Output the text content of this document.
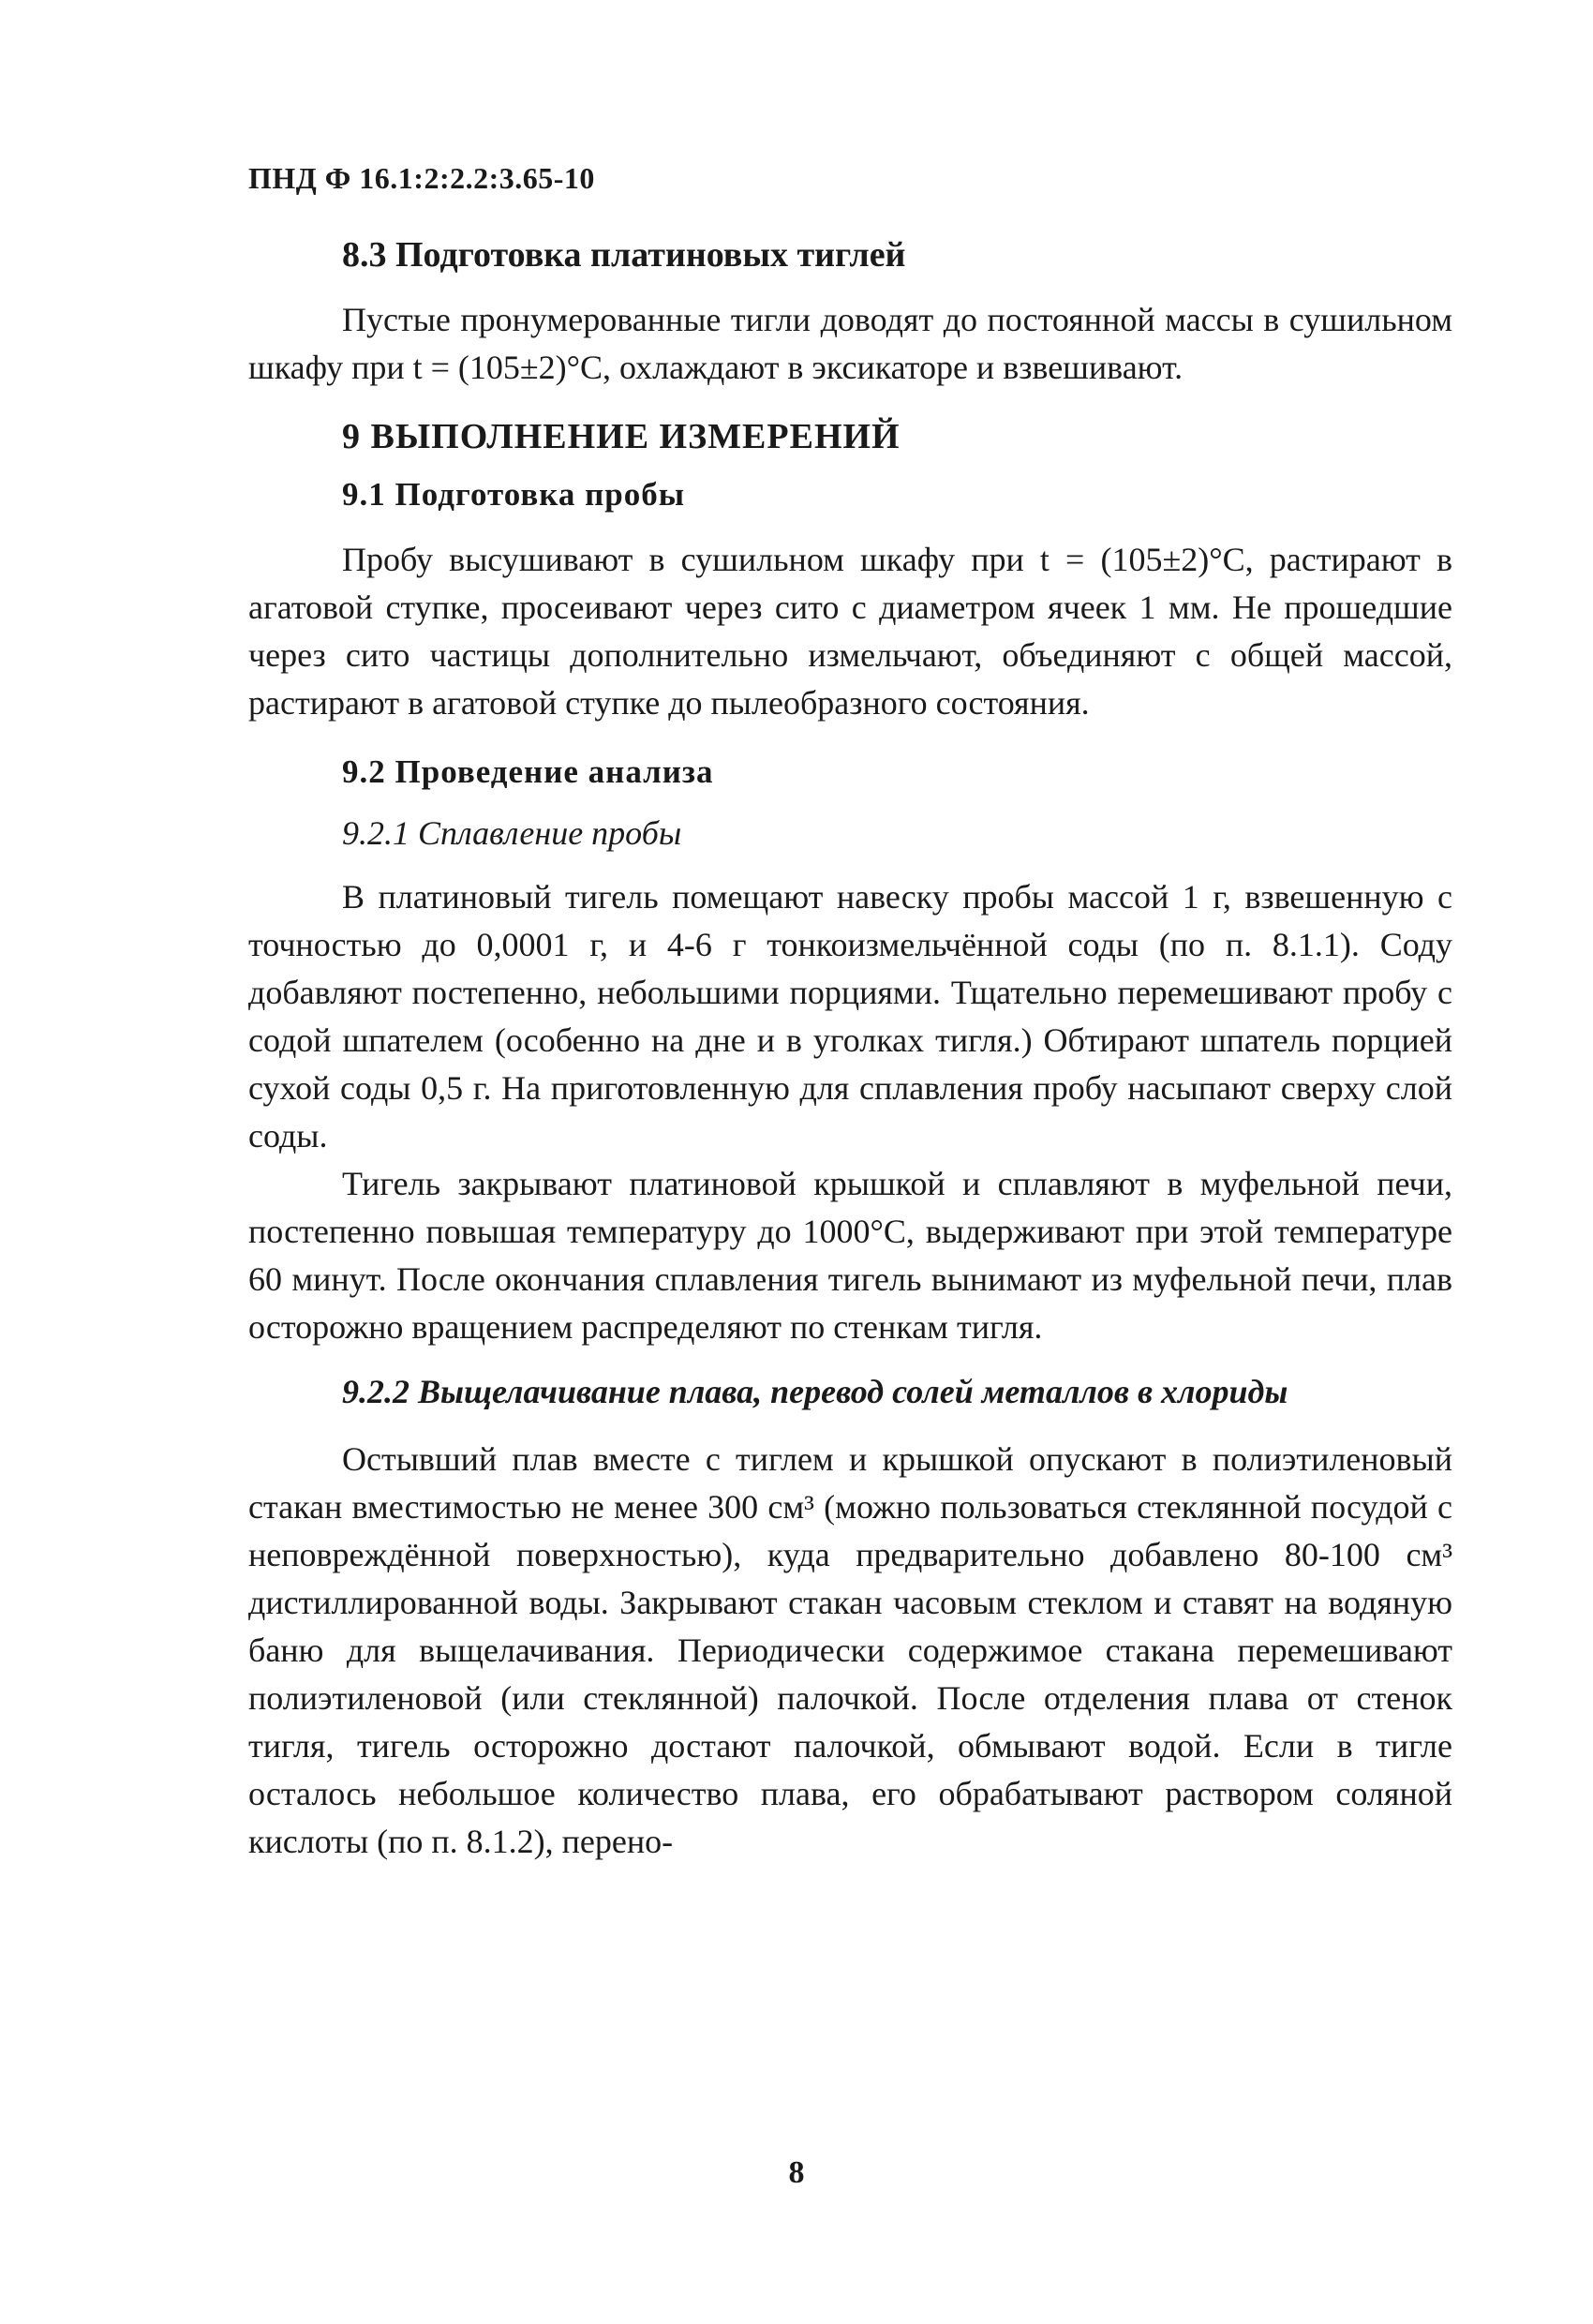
ПНД Ф 16.1:2:2.2:3.65-10
8.3 Подготовка платиновых тиглей

Пустые пронумерованные тигли доводят до постоянной массы в сушильном шкафу при t = (105±2)°С, охлаждают в эксикаторе и взвешивают.

9 ВЫПОЛНЕНИЕ ИЗМЕРЕНИЙ
9.1 Подготовка пробы

Пробу высушивают в сушильном шкафу при t = (105±2)°С, растирают в агатовой ступке, просеивают через сито с диаметром ячеек 1 мм. Не прошедшие через сито частицы дополнительно измельчают, объединяют с общей массой, растирают в агатовой ступке до пылеобразного состояния.

9.2 Проведение анализа
9.2.1 Сплавление пробы

В платиновый тигель помещают навеску пробы массой 1 г, взвешенную с точностью до 0,0001 г, и 4-6 г тонкоизмельчённой соды (по п. 8.1.1). Соду добавляют постепенно, небольшими порциями. Тщательно перемешивают пробу с содой шпателем (особенно на дне и в уголках тигля.) Обтирают шпатель порцией сухой соды 0,5 г. На приготовленную для сплавления пробу насыпают сверху слой соды.

Тигель закрывают платиновой крышкой и сплавляют в муфельной печи, постепенно повышая температуру до 1000°С, выдерживают при этой температуре 60 минут. После окончания сплавления тигель вынимают из муфельной печи, плав осторожно вращением распределяют по стенкам тигля.

9.2.2 Выщелачивание плава, перевод солей металлов в хлориды

Остывший плав вместе с тиглем и крышкой опускают в полиэтиленовый стакан вместимостью не менее 300 см³ (можно пользоваться стеклянной посудой с неповреждённой поверхностью), куда предварительно добавлено 80-100 см³ дистиллированной воды. Закрывают стакан часовым стеклом и ставят на водяную баню для выщелачивания. Периодически содержимое стакана перемешивают полиэтиленовой (или стеклянной) палочкой. После отделения плава от стенок тигля, тигель осторожно достают палочкой, обмывают водой. Если в тигле осталось небольшое количество плава, его обрабатывают раствором соляной кислоты (по п. 8.1.2), перено-

8
